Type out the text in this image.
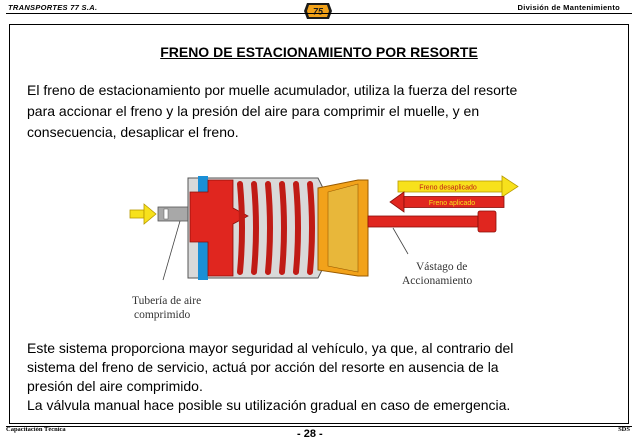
TRANSPORTES 77 S.A.	75	División de Mantenimiento
FRENO DE ESTACIONAMIENTO POR RESORTE
El freno de estacionamiento por muelle acumulador, utiliza la fuerza del resorte
para accionar el freno y la presión del aire para comprimir el muelle, y en
consecuencia, desaplicar el freno.
Freno desaplicado
Freno aplicado
Vástago de
Accionamiento
Tubería de aire
comprimido
Este sistema proporciona mayor seguridad al vehículo, ya que, al contrario del
sistema del freno de servicio, actuá por acción del resorte en ausencia de la
presión del aire comprimido.
La válvula manual hace posible su utilización gradual en caso de emergencia.
Capacitación Técnica	- 28 -	SDS
